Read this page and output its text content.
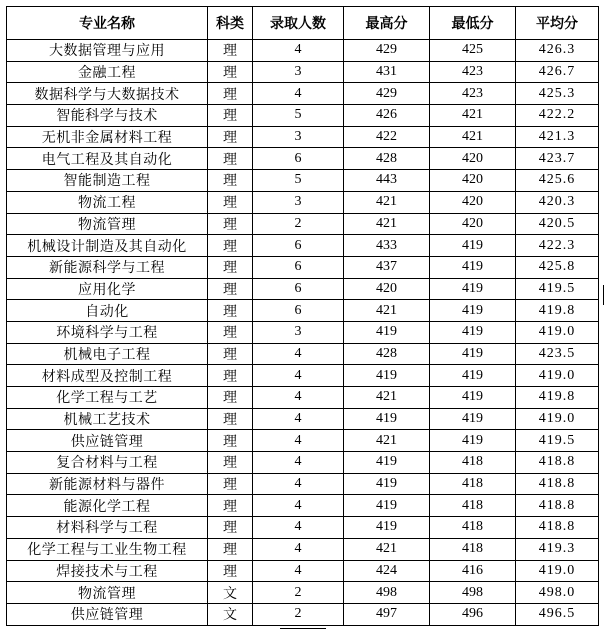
专业名称	科类	录取人数	最高分	最低分	平均分
大数据管理与应用	理	4	429	425	426.3
金融工程	理	3	431	423	426.7
数据科学与大数据技术	理	4	429	423	425.3
智能科学与技术	理	5	426	421	422.2
无机非金属材料工程	理	3	422	421	421.3
电气工程及其自动化	理	6	428	420	423.7
智能制造工程	理	5	443	420	425.6
物流工程	理	3	421	420	420.3
物流管理	理	2	421	420	420.5
机械设计制造及其自动化	理	6	433	419	422.3
新能源科学与工程	理	6	437	419	425.8
应用化学	理	6	420	419	419.5
自动化	理	6	421	419	419.8
环境科学与工程	理	3	419	419	419.0
机械电子工程	理	4	428	419	423.5
材料成型及控制工程	理	4	419	419	419.0
化学工程与工艺	理	4	421	419	419.8
机械工艺技术	理	4	419	419	419.0
供应链管理	理	4	421	419	419.5
复合材料与工程	理	4	419	418	418.8
新能源材料与器件	理	4	419	418	418.8
能源化学工程	理	4	419	418	418.8
材料科学与工程	理	4	419	418	418.8
化学工程与工业生物工程	理	4	421	418	419.3
焊接技术与工程	理	4	424	416	419.0
物流管理	文	2	498	498	498.0
供应链管理	文	2	497	496	496.5
